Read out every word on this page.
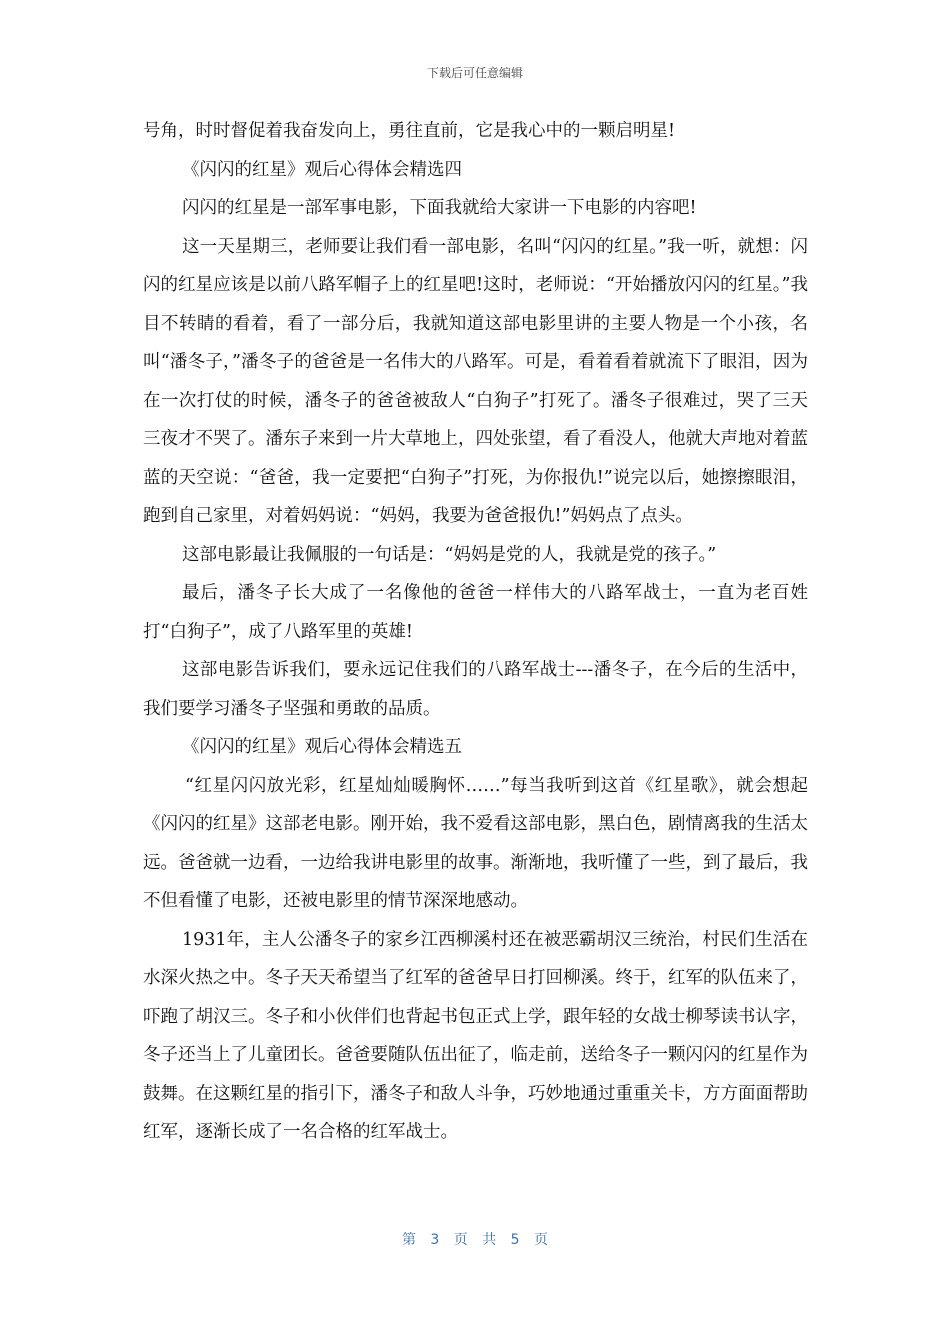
下载后可任意编辑

号角，时时督促着我奋发向上，勇往直前，它是我心中的一颗启明星!

《闪闪的红星》观后心得体会精选四

闪闪的红星是一部军事电影，下面我就给大家讲一下电影的内容吧!

这一天星期三，老师要让我们看一部电影，名叫“闪闪的红星。”我一听，就想：闪闪的红星应该是以前八路军帽子上的红星吧!这时，老师说：“开始播放闪闪的红星。”我目不转睛的看着，看了一部分后，我就知道这部电影里讲的主要人物是一个小孩，名叫“潘冬子，”潘冬子的爸爸是一名伟大的八路军。可是，看着看着就流下了眼泪，因为在一次打仗的时候，潘冬子的爸爸被敌人“白狗子”打死了。潘冬子很难过，哭了三天三夜才不哭了。潘东子来到一片大草地上，四处张望，看了看没人，他就大声地对着蓝蓝的天空说：“爸爸，我一定要把“白狗子”打死，为你报仇!”说完以后，她擦擦眼泪，跑到自己家里，对着妈妈说：“妈妈，我要为爸爸报仇!”妈妈点了点头。

这部电影最让我佩服的一句话是：“妈妈是党的人，我就是党的孩子。”

最后，潘冬子长大成了一名像他的爸爸一样伟大的八路军战士，一直为老百姓打“白狗子”，成了八路军里的英雄!

这部电影告诉我们，要永远记住我们的八路军战士---潘冬子，在今后的生活中，我们要学习潘冬子坚强和勇敢的品质。

《闪闪的红星》观后心得体会精选五

“红星闪闪放光彩，红星灿灿暖胸怀……”每当我听到这首《红星歌》，就会想起《闪闪的红星》这部老电影。刚开始，我不爱看这部电影，黑白色，剧情离我的生活太远。爸爸就一边看，一边给我讲电影里的故事。渐渐地，我听懂了一些，到了最后，我不但看懂了电影，还被电影里的情节深深地感动。

1931年，主人公潘冬子的家乡江西柳溪村还在被恶霸胡汉三统治，村民们生活在水深火热之中。冬子天天希望当了红军的爸爸早日打回柳溪。终于，红军的队伍来了，吓跑了胡汉三。冬子和小伙伴们也背起书包正式上学，跟年轻的女战士柳琴读书认字，冬子还当上了儿童团长。爸爸要随队伍出征了，临走前，送给冬子一颗闪闪的红星作为鼓舞。在这颗红星的指引下，潘冬子和敌人斗争，巧妙地通过重重关卡，方方面面帮助红军，逐渐长成了一名合格的红军战士。

第 3 页 共 5 页
